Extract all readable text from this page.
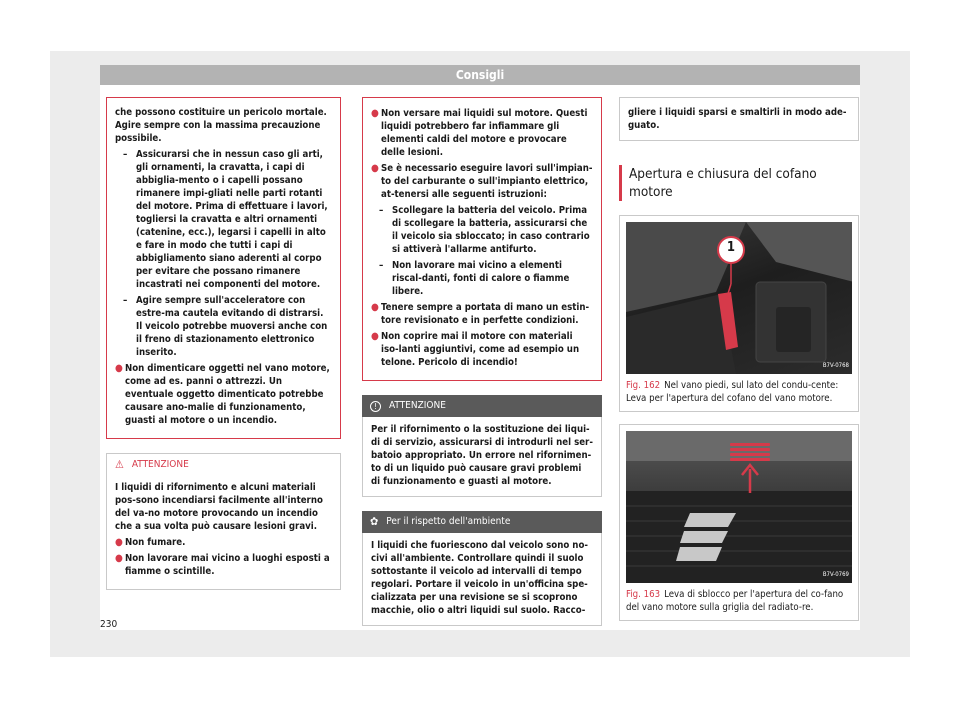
Consigli

che possono costituire un pericolo mortale. Agire sempre con la massima precauzione possibile.

– Assicurarsi che in nessun caso gli arti, gli ornamenti, la cravatta, i capi di abbiglia-mento o i capelli possano rimanere impi-gliati nelle parti rotanti del motore. Prima di effettuare i lavori, togliersi la cravatta e altri ornamenti (catenine, ecc.), legarsi i capelli in alto e fare in modo che tutti i capi di abbigliamento siano aderenti al corpo per evitare che possano rimanere incastrati nei componenti del motore.
– Agire sempre sull'acceleratore con estre-ma cautela evitando di distrarsi. Il veicolo potrebbe muoversi anche con il freno di stazionamento elettronico inserito.
● Non dimenticare oggetti nel vano motore, come ad es. panni o attrezzi. Un eventuale oggetto dimenticato potrebbe causare ano-malie di funzionamento, guasti al motore o un incendio.
⚠ ATTENZIONE

I liquidi di rifornimento e alcuni materiali pos-sono incendiarsi facilmente all'interno del va-no motore provocando un incendio che a sua volta può causare lesioni gravi.

● Non fumare.
● Non lavorare mai vicino a luoghi esposti a fiamme o scintille.
● Non versare mai liquidi sul motore. Questi liquidi potrebbero far infiammare gli elementi caldi del motore e provocare delle lesioni.
● Se è necessario eseguire lavori sull'impian-to del carburante o sull'impianto elettrico, at-tenersi alle seguenti istruzioni:
– Scollegare la batteria del veicolo. Prima di scollegare la batteria, assicurarsi che il veicolo sia sbloccato; in caso contrario si attiverà l'allarme antifurto.
– Non lavorare mai vicino a elementi riscal-danti, fonti di calore o fiamme libere.
● Tenere sempre a portata di mano un estin-tore revisionato e in perfette condizioni.
● Non coprire mai il motore con materiali iso-lanti aggiuntivi, come ad esempio un telone. Pericolo di incendio!
!	ATTENZIONE

Per il rifornimento o la sostituzione dei liqui-di di servizio, assicurarsi di introdurli nel ser-batoio appropriato. Un errore nel rifornimen-to di un liquido può causare gravi problemi di funzionamento e guasti al motore.

✿ Per il rispetto dell'ambiente

I liquidi che fuoriescono dal veicolo sono no-civi all'ambiente. Controllare quindi il suolo sottostante il veicolo ad intervalli di tempo regolari. Portare il veicolo in un'officina spe-cializzata per una revisione se si scoprono macchie, olio o altri liquidi sul suolo. Racco-

gliere i liquidi sparsi e smaltirli in modo ade-guato.

Apertura e chiusura del cofano motore
1
B7V-0768

Fig. 162 Nel vano piedi, sul lato del condu-cente: Leva per l'apertura del cofano del vano motore.

B7V-0769

Fig. 163 Leva di sblocco per l'apertura del co-fano del vano motore sulla griglia del radiato-re.

230
